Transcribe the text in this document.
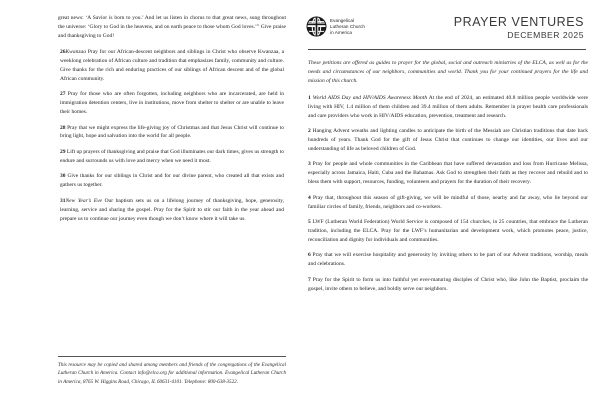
great news: ‘A Savior is born to you.’ And let us listen in chorus to that great news, sung throughout the universe: ‘Glory to God in the heavens, and on earth peace to those whom God loves.’” Give praise and thanksgiving to God!
26Kwanzaa Pray for our African-descent neighbors and siblings in Christ who observe Kwanzaa, a weeklong celebration of African culture and tradition that emphasizes family, community and culture. Give thanks for the rich and enduring practices of our siblings of African descent and of the global African community.
27 Pray for those who are often forgotten, including neighbors who are incarcerated, are held in immigration detention centers, live in institutions, move from shelter to shelter or are unable to leave their homes.
28 Pray that we might express the life-giving joy of Christmas and that Jesus Christ will continue to bring light, hope and salvation into the world for all people.
29 Lift up prayers of thanksgiving and praise that God illuminates our dark times, gives us strength to endure and surrounds us with love and mercy when we need it most.
30 Give thanks for our siblings in Christ and for our divine parent, who created all that exists and gathers us together.
31New Year’s Eve Our baptism sets us on a lifelong journey of thanksgiving, hope, generosity, learning, service and sharing the gospel. Pray for the Spirit to stir our faith in the year ahead and prepare us to continue our journey even though we don’t know where it will take us.
This resource may be copied and shared among members and friends of the congregations of the Evangelical Lutheran Church in America. Contact info@elca.org for additional information. Evangelical Lutheran Church in America, 8765 W. Higgins Road, Chicago, IL 60631-4101. Telephone: 800-638-3522.
Evangelical
Lutheran Church
in America
PRAYER VENTURES
DECEMBER 2025
These petitions are offered as guides to prayer for the global, social and outreach ministries of the ELCA, as well as for the needs and circumstances of our neighbors, communities and world. Thank you for your continued prayers for the life and mission of this church.
1 World AIDS Day and HIV/AIDS Awareness Month At the end of 2024, an estimated 40.8 million people worldwide were living with HIV, 1.4 million of them children and 39.4 million of them adults. Remember in prayer health care professionals and care providers who work in HIV/AIDS education, prevention, treatment and research.
2 Hanging Advent wreaths and lighting candles to anticipate the birth of the Messiah are Christian traditions that date back hundreds of years. Thank God for the gift of Jesus Christ that continues to change our identities, our lives and our understanding of life as beloved children of God.
3 Pray for people and whole communities in the Caribbean that have suffered devastation and loss from Hurricane Melissa, especially across Jamaica, Haiti, Cuba and the Bahamas. Ask God to strengthen their faith as they recover and rebuild and to bless them with support, resources, funding, volunteers and prayers for the duration of their recovery.
4 Pray that, throughout this season of gift-giving, we will be mindful of those, nearby and far away, who lie beyond our familiar circles of family, friends, neighbors and co-workers.
5 LWF (Lutheran World Federation) World Service is composed of 154 churches, in 25 countries, that embrace the Lutheran tradition, including the ELCA. Pray for the LWF’s humanitarian and development work, which promotes peace, justice, reconciliation and dignity for individuals and communities.
6 Pray that we will exercise hospitality and generosity by inviting others to be part of our Advent traditions, worship, meals and celebrations.
7 Pray for the Spirit to form us into faithful yet ever-maturing disciples of Christ who, like John the Baptist, proclaim the gospel, invite others to believe, and boldly serve our neighbors.
